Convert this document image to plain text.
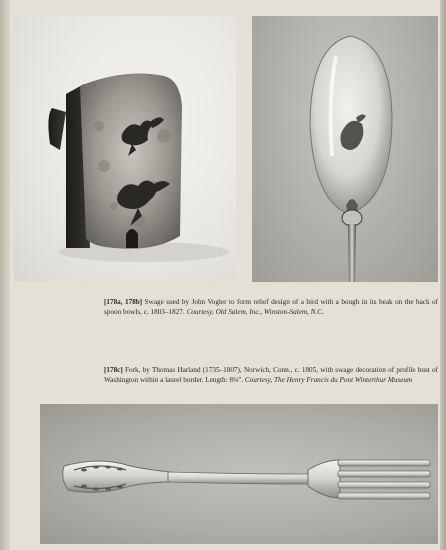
[178a, 178b] Swage used by John Vogler to form relief design of a bird with a bough in its beak on the back of spoon bowls, c. 1803–1827. Courtesy, Old Salem, Inc., Winston-Salem, N.C.
[178c] Fork, by Thomas Harland (1735–1807), Norwich, Conn., c. 1805, with swage decoration of profile bust of Washington within a laurel border. Length: 8⅛". Courtesy, The Henry Francis du Pont Winterthur Museum
